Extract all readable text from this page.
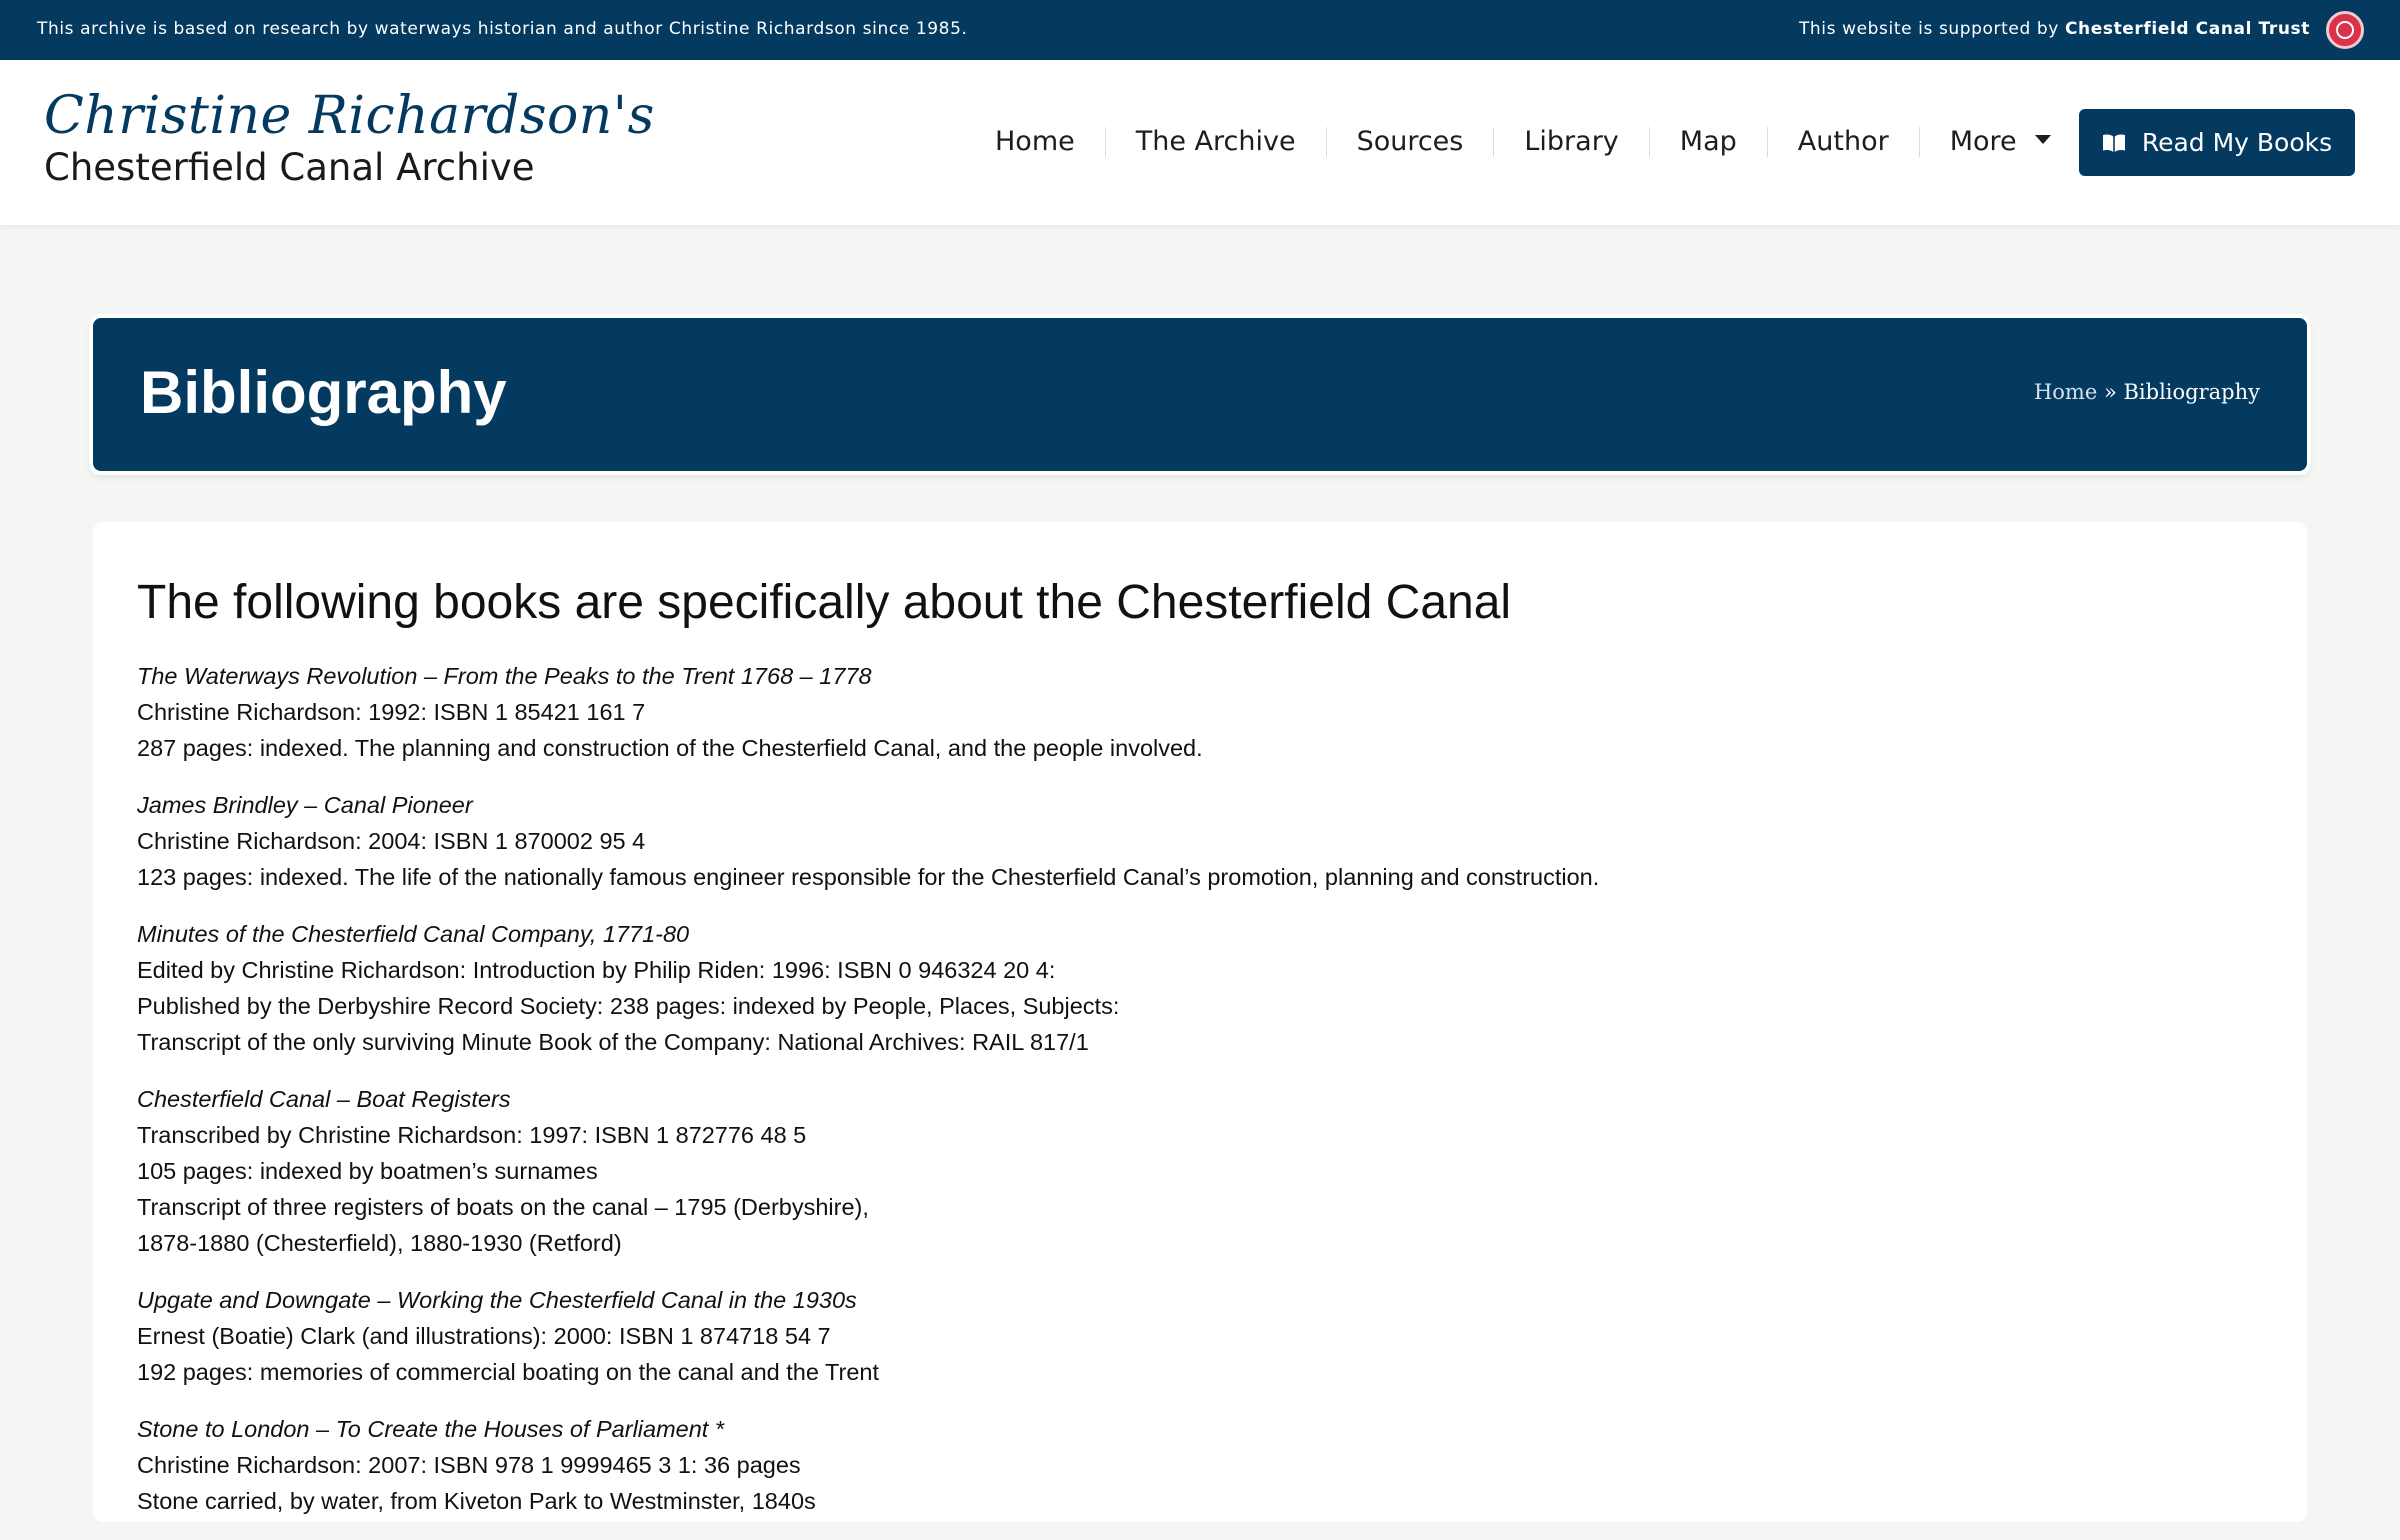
This archive is based on research by waterways historian and author Christine Richardson since 1985.	This website is supported by Chesterfield Canal Trust
Christine Richardson's
Chesterfield Canal Archive
Home	The Archive	Sources	Library	Map	Author	More	Read My Books
Bibliography	Home » Bibliography
The following books are specifically about the Chesterfield Canal

The Waterways Revolution – From the Peaks to the Trent 1768 – 1778

Christine Richardson: 1992: ISBN 1 85421 161 7

287 pages: indexed. The planning and construction of the Chesterfield Canal, and the people involved.

James Brindley – Canal Pioneer

Christine Richardson: 2004: ISBN 1 870002 95 4

123 pages: indexed. The life of the nationally famous engineer responsible for the Chesterfield Canal’s promotion, planning and construction.

Minutes of the Chesterfield Canal Company, 1771-80

Edited by Christine Richardson: Introduction by Philip Riden: 1996: ISBN 0 946324 20 4:

Published by the Derbyshire Record Society: 238 pages: indexed by People, Places, Subjects:

Transcript of the only surviving Minute Book of the Company: National Archives: RAIL 817/1

Chesterfield Canal – Boat Registers

Transcribed by Christine Richardson: 1997: ISBN 1 872776 48 5

105 pages: indexed by boatmen’s surnames

Transcript of three registers of boats on the canal – 1795 (Derbyshire),

1878-1880 (Chesterfield), 1880-1930 (Retford)

Upgate and Downgate – Working the Chesterfield Canal in the 1930s

Ernest (Boatie) Clark (and illustrations): 2000: ISBN 1 874718 54 7

192 pages: memories of commercial boating on the canal and the Trent

Stone to London – To Create the Houses of Parliament *

Christine Richardson: 2007: ISBN 978 1 9999465 3 1: 36 pages

Stone carried, by water, from Kiveton Park to Westminster, 1840s
